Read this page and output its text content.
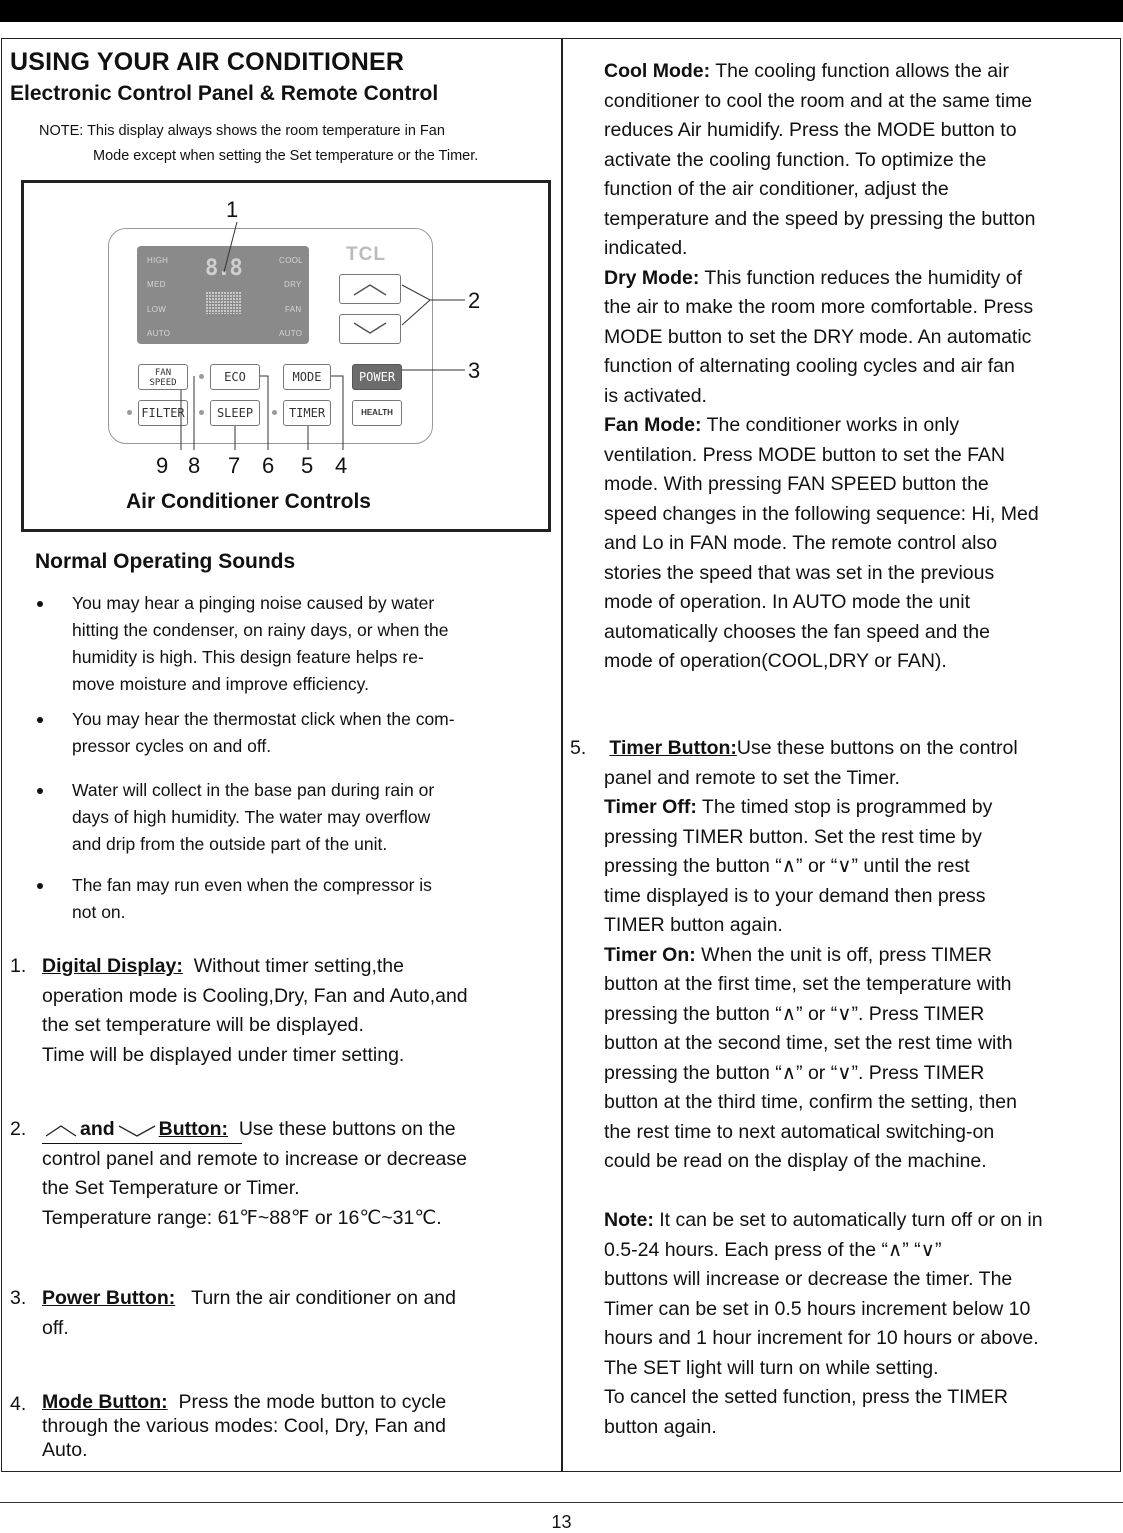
USING YOUR AIR CONDITIONER
Electronic Control Panel & Remote Control
NOTE: This display always shows the room temperature in Fan
Mode except when setting the Set temperature or the Timer.
HIGH
MED
LOW
AUTO
COOL
DRY
FAN
AUTO
8.8
TCL
FAN
SPEED	ECO	MODE	POWER
FILTER	SLEEP	TIMER	HEALTH
1
2
3
9 8 7 6 5 4
Air Conditioner Controls
Normal Operating Sounds
You may hear a pinging noise caused by water
hitting the condenser, on rainy days, or when the
humidity is high. This design feature helps re-
move moisture and improve efficiency.
You may hear the thermostat click when the com-
pressor cycles on and off.
Water will collect in the base pan during rain or
days of high humidity. The water may overflow
and drip from the outside part of the unit.
The fan may run even when the compressor is
not on.
1. Digital Display: Without timer setting,the
operation mode is Cooling,Dry, Fan and Auto,and
the set temperature will be displayed.
Time will be displayed under timer setting.
2.	and Button: Use these buttons on the
control panel and remote to increase or decrease
the Set Temperature or Timer.
Temperature range: 61℉~88℉ or 16℃~31℃.
3. Power Button: Turn the air conditioner on and
off.
4. Mode Button: Press the mode button to cycle
through the various modes: Cool, Dry, Fan and
Auto.
Cool Mode: The cooling function allows the air
conditioner to cool the room and at the same time
reduces Air humidify. Press the MODE button to
activate the cooling function. To optimize the
function of the air conditioner, adjust the
temperature and the speed by pressing the button
indicated.
Dry Mode: This function reduces the humidity of
the air to make the room more comfortable. Press
MODE button to set the DRY mode. An automatic
function of alternating cooling cycles and air fan
is activated.
Fan Mode: The conditioner works in only
ventilation. Press MODE button to set the FAN
mode. With pressing FAN SPEED button the
speed changes in the following sequence: Hi, Med
and Lo in FAN mode. The remote control also
stories the speed that was set in the previous
mode of operation. In AUTO mode the unit
automatically chooses the fan speed and the
mode of operation(COOL,DRY or FAN).
5. Timer Button:Use these buttons on the control
panel and remote to set the Timer.
Timer Off: The timed stop is programmed by
pressing TIMER button. Set the rest time by
pressing the button “∧” or “∨” until the rest
time displayed is to your demand then press
TIMER button again.
Timer On: When the unit is off, press TIMER
button at the first time, set the temperature with
pressing the button “∧” or “∨”. Press TIMER
button at the second time, set the rest time with
pressing the button “∧” or “∨”. Press TIMER
button at the third time, confirm the setting, then
the rest time to next automatical switching-on
could be read on the display of the machine.
Note: It can be set to automatically turn off or on in
0.5-24 hours. Each press of the “∧” “∨”
buttons will increase or decrease the timer. The
Timer can be set in 0.5 hours increment below 10
hours and 1 hour increment for 10 hours or above.
The SET light will turn on while setting.
To cancel the setted function, press the TIMER
button again.
13
